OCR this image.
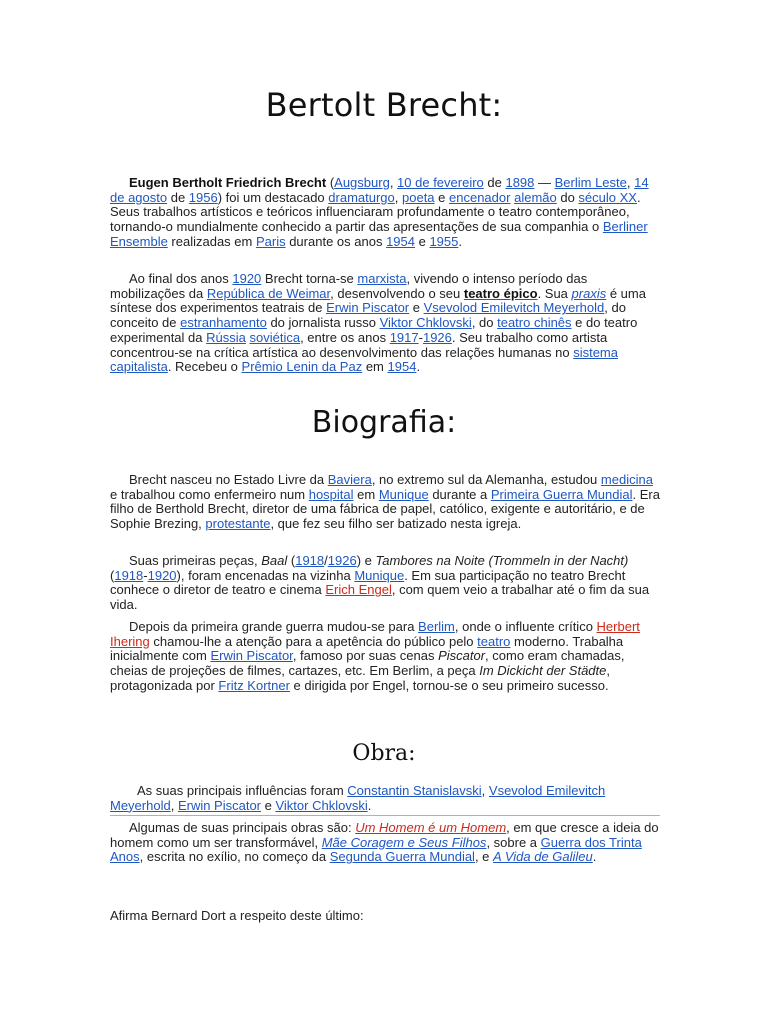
Bertolt Brecht:

Eugen Bertholt Friedrich Brecht (Augsburg, 10 de fevereiro de 1898 — Berlim Leste, 14 de agosto de 1956) foi um destacado dramaturgo, poeta e encenador alemão do século XX. Seus trabalhos artísticos e teóricos influenciaram profundamente o teatro contemporâneo, tornando-o mundialmente conhecido a partir das apresentações de sua companhia o Berliner Ensemble realizadas em Paris durante os anos 1954 e 1955.

Ao final dos anos 1920 Brecht torna-se marxista, vivendo o intenso período das mobilizações da República de Weimar, desenvolvendo o seu teatro épico. Sua praxis é uma síntese dos experimentos teatrais de Erwin Piscator e Vsevolod Emilevitch Meyerhold, do conceito de estranhamento do jornalista russo Viktor Chklovski, do teatro chinês e do teatro experimental da Rússia soviética, entre os anos 1917-1926. Seu trabalho como artista concentrou-se na crítica artística ao desenvolvimento das relações humanas no sistema capitalista. Recebeu o Prêmio Lenin da Paz em 1954.

Biografia:

Brecht nasceu no Estado Livre da Baviera, no extremo sul da Alemanha, estudou medicina e trabalhou como enfermeiro num hospital em Munique durante a Primeira Guerra Mundial. Era filho de Berthold Brecht, diretor de uma fábrica de papel, católico, exigente e autoritário, e de Sophie Brezing, protestante, que fez seu filho ser batizado nesta igreja.

Suas primeiras peças, Baal (1918/1926) e Tambores na Noite (Trommeln in der Nacht) (1918-1920), foram encenadas na vizinha Munique. Em sua participação no teatro Brecht conhece o diretor de teatro e cinema Erich Engel, com quem veio a trabalhar até o fim da sua vida.

Depois da primeira grande guerra mudou-se para Berlim, onde o influente crítico Herbert Ihering chamou-lhe a atenção para a apetência do público pelo teatro moderno. Trabalha inicialmente com Erwin Piscator, famoso por suas cenas Piscator, como eram chamadas, cheias de projeções de filmes, cartazes, etc. Em Berlim, a peça Im Dickicht der Städte, protagonizada por Fritz Kortner e dirigida por Engel, tornou-se o seu primeiro sucesso.

Obra:

As suas principais influências foram Constantin Stanislavski, Vsevolod Emilevitch Meyerhold, Erwin Piscator e Viktor Chklovski.

Algumas de suas principais obras são: Um Homem é um Homem, em que cresce a ideia do homem como um ser transformável, Mãe Coragem e Seus Filhos, sobre a Guerra dos Trinta Anos, escrita no exílio, no começo da Segunda Guerra Mundial, e A Vida de Galileu.

Afirma Bernard Dort a respeito deste último:
